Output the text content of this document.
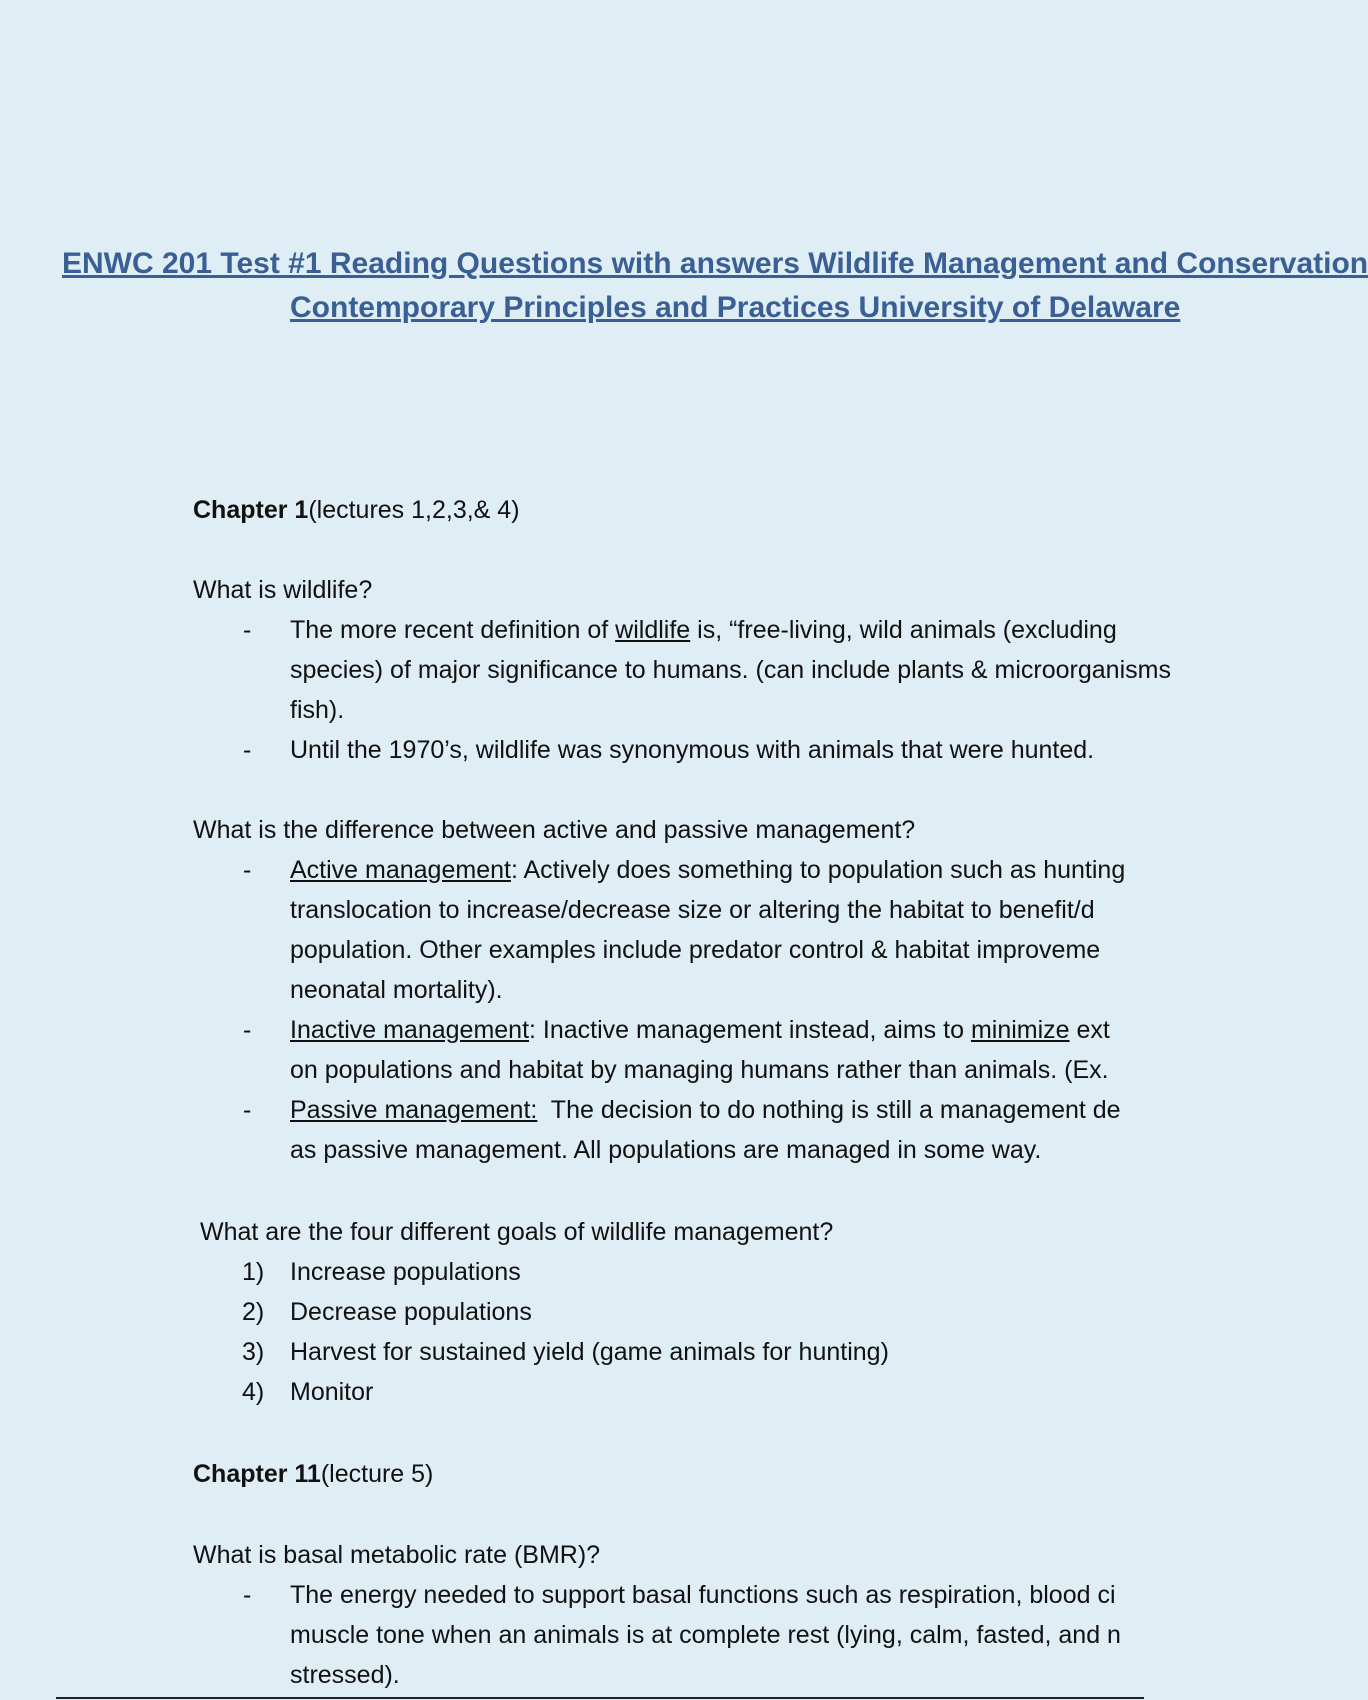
ENWC 201 Test #1 Reading Questions with answers Wildlife Management and Conservation
Contemporary Principles and Practices University of Delaware
Chapter 1(lectures 1,2,3,& 4)
What is wildlife?
- The more recent definition of wildlife is, “free-living, wild animals (excluding
species) of major significance to humans. (can include plants & microorganisms
fish).
- Until the 1970’s, wildlife was synonymous with animals that were hunted.
What is the difference between active and passive management?
- Active management: Actively does something to population such as hunting
translocation to increase/decrease size or altering the habitat to benefit/d
population. Other examples include predator control & habitat improveme
neonatal mortality).
- Inactive management: Inactive management instead, aims to minimize ext
on populations and habitat by managing humans rather than animals. (Ex.
- Passive management:  The decision to do nothing is still a management de
as passive management. All populations are managed in some way.
What are the four different goals of wildlife management?
1) Increase populations
2) Decrease populations
3) Harvest for sustained yield (game animals for hunting)
4) Monitor
Chapter 11(lecture 5)
What is basal metabolic rate (BMR)?
- The energy needed to support basal functions such as respiration, blood ci
muscle tone when an animals is at complete rest (lying, calm, fasted, and n
stressed).
